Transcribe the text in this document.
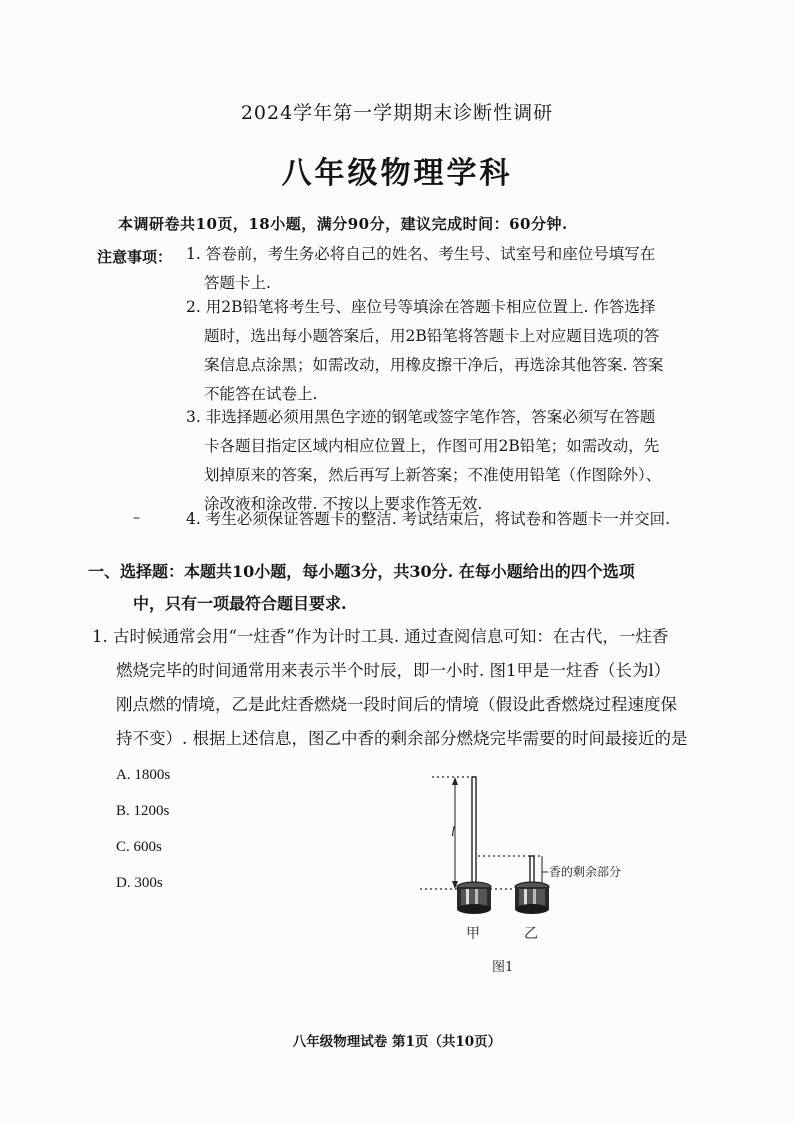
2024学年第一学期期末诊断性调研
八年级物理学科
本调研卷共10页，18小题，满分90分，建议完成时间：60分钟.
注意事项： 1. 答卷前，考生务必将自己的姓名、考生号、试室号和座位号填写在
答题卡上.
2. 用2B铅笔将考生号、座位号等填涂在答题卡相应位置上. 作答选择
题时，选出每小题答案后，用2B铅笔将答题卡上对应题目选项的答
案信息点涂黑；如需改动，用橡皮擦干净后，再选涂其他答案. 答案
不能答在试卷上.
3. 非选择题必须用黑色字迹的钢笔或签字笔作答，答案必须写在答题
卡各题目指定区域内相应位置上，作图可用2B铅笔；如需改动，先
划掉原来的答案，然后再写上新答案；不准使用铅笔（作图除外）、
涂改液和涂改带. 不按以上要求作答无效.
–	4. 考生必须保证答题卡的整洁. 考试结束后，将试卷和答题卡一并交回.
一、选择题：本题共10小题，每小题3分，共30分. 在每小题给出的四个选项
中，只有一项最符合题目要求.
1. 古时候通常会用“一炷香”作为计时工具. 通过查阅信息可知：在古代，一炷香
燃烧完毕的时间通常用来表示半个时辰，即一小时. 图1甲是一炷香（长为l）
刚点燃的情境，乙是此炷香燃烧一段时间后的情境（假设此香燃烧过程速度保
持不变）. 根据上述信息，图乙中香的剩余部分燃烧完毕需要的时间最接近的是
A. 1800s
B. 1200s
C. 600s
D. 300s
l
香的剩余部分
甲	乙
图1
八年级物理试卷 第1页（共10页）
